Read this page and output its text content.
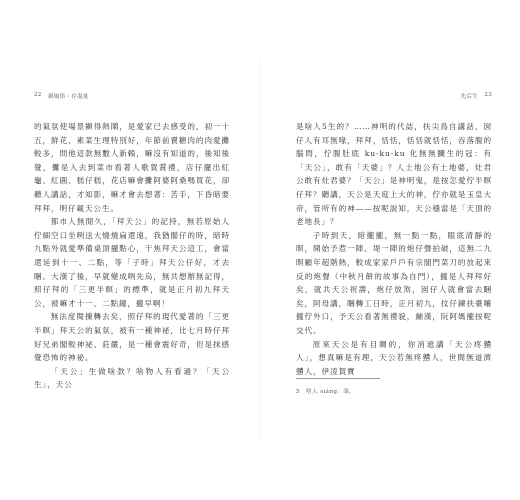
22 親風俗・存盡量

的氣氛使場景顯得熱鬧，是愛家已去感受的，初一十五，鮮花、素菜生理特別好，年節前賣糖肉的肉愛攤較多，問他這款無數人新賴，嘛沒有知道的，後知後覺，攤是入去到菜市看著人歌賀賞禮，店仔擺出紅龜、紅圓、糕仔糕，花店嘛會攤阿婆阿桑嗎買花，卻聽人講話，才知影，嘛才會去想著：苦手，下昏暗要拜拜，明仔載天公生。

都市人無閒久，「拜天公」的記持，無若原始人佇細空口坐咧送大燒燒扁還遠，我猶閣仔的時，暗時九點外就愛準備桌頂擺點心，干焦拜天公這工，會當還延到十一、二點，等「子時」拜天公仔好，才去睏。大漢了後，早就變成咧先烏，無共想辦無記得，照仔拜的「三更半暝」的標準，就是正月初九拜天公，被嘛才十一、二點鐘，攏早啊！

無法度閱揀轉去矣，照仔拜的現代愛著的「三更半暝」拜天公的氣氛，被有一種神祕，比七月時仔拜好兄弟閣較神祕、莊嚴，是一種會震好奇，但是抹感覺恐怖的神祕。

「天公」生做啥款？啥物人有看過？「天公生」，天公

先后生 23

是啥人5生的？……神明的代誌，扶尖鳥自講話，囡仔人有耳無喙，拜拜，恬恬，恬恬就恬恬，吞落腹的腦問，佇腹肚底 ku-ku-ku 化無無攔生的冠：有「天公」，敢有「天婆」？人土地公有土地婆，灶君公敢有灶君婆？「天公」是神明鬼，是按怎愛佇半暝仔拜？聽講，天公是天庭上大的神，佇亦就是玉皇大帝，管所有的神——按呢說知，天公穩當是「天頂的老地長」？

子時到天，暗攏攏，無一點一點，眼底清靜的暝，開始予惹一陣、堤一陣的炮仔聲拍破，這無二九暝顧年超階熱，較成家家戶戶有宗閣門菜刀的放起來反的炮聲（中秋月餅的故事為自門），攏是人拜拜好矣，就共天公祝壽，炮仔放煞，囡仔人就會當去睏矣，阿母講，睏轉工日時，正月初九，抆仔鍊扶臺嚷攏佇外口，予天公看著無禮貌，繃漢，阮阿媽攏按呢交代。

原來天公是有目睭的，你消遮講「天公疼戇人」，想真嘛是有理，天公若無疼戇人，世間無道濟戇人，伊凌賀寶

5　啥人 siáng：誰。
